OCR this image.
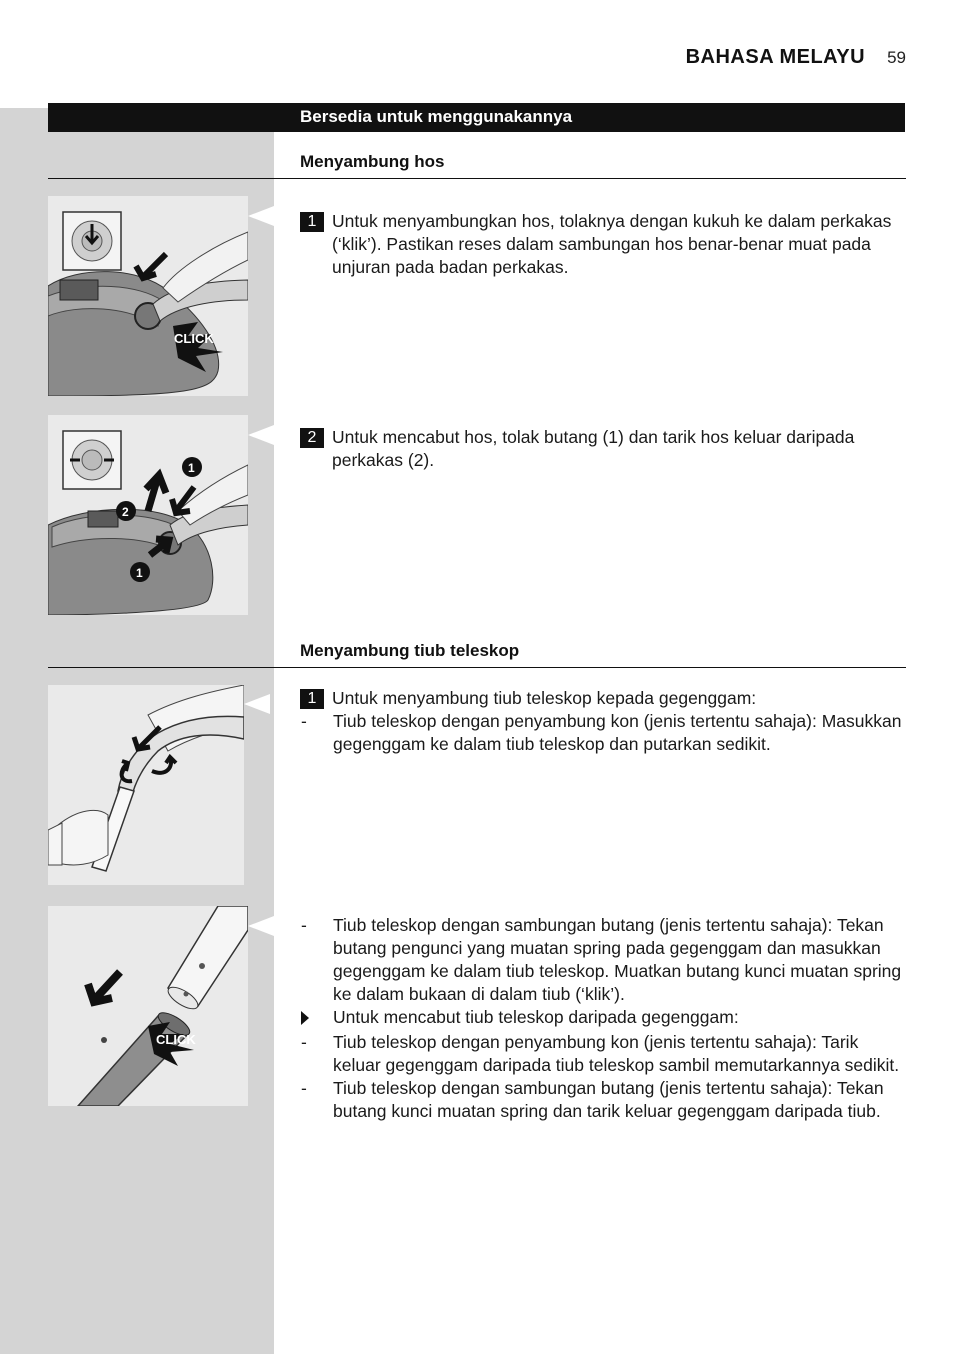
BAHASA MELAYU 59
Bersedia untuk menggunakannya
Menyambung hos
CLICK
1 Untuk menyambungkan hos, tolaknya dengan kukuh ke dalam perkakas (‘klik’). Pastikan reses dalam sambungan hos benar-benar muat pada unjuran pada badan perkakas.
1
2
1
2 Untuk mencabut hos, tolak butang (1) dan tarik hos keluar daripada perkakas (2).
Menyambung tiub teleskop
1 Untuk menyambung tiub teleskop kepada gegenggam:
-	Tiub teleskop dengan penyambung kon (jenis tertentu sahaja): Masukkan gegenggam ke dalam tiub teleskop dan putarkan sedikit.
CLICK
-	Tiub teleskop dengan sambungan butang (jenis tertentu sahaja): Tekan butang pengunci yang muatan spring pada gegenggam dan masukkan gegenggam ke dalam tiub teleskop. Muatkan butang kunci muatan spring ke dalam bukaan di dalam tiub (‘klik’).
Untuk mencabut tiub teleskop daripada gegenggam:
-	Tiub teleskop dengan penyambung kon (jenis tertentu sahaja): Tarik keluar gegenggam daripada tiub teleskop sambil memutarkannya sedikit.
-	Tiub teleskop dengan sambungan butang (jenis tertentu sahaja): Tekan butang kunci muatan spring dan tarik keluar gegenggam daripada tiub.
